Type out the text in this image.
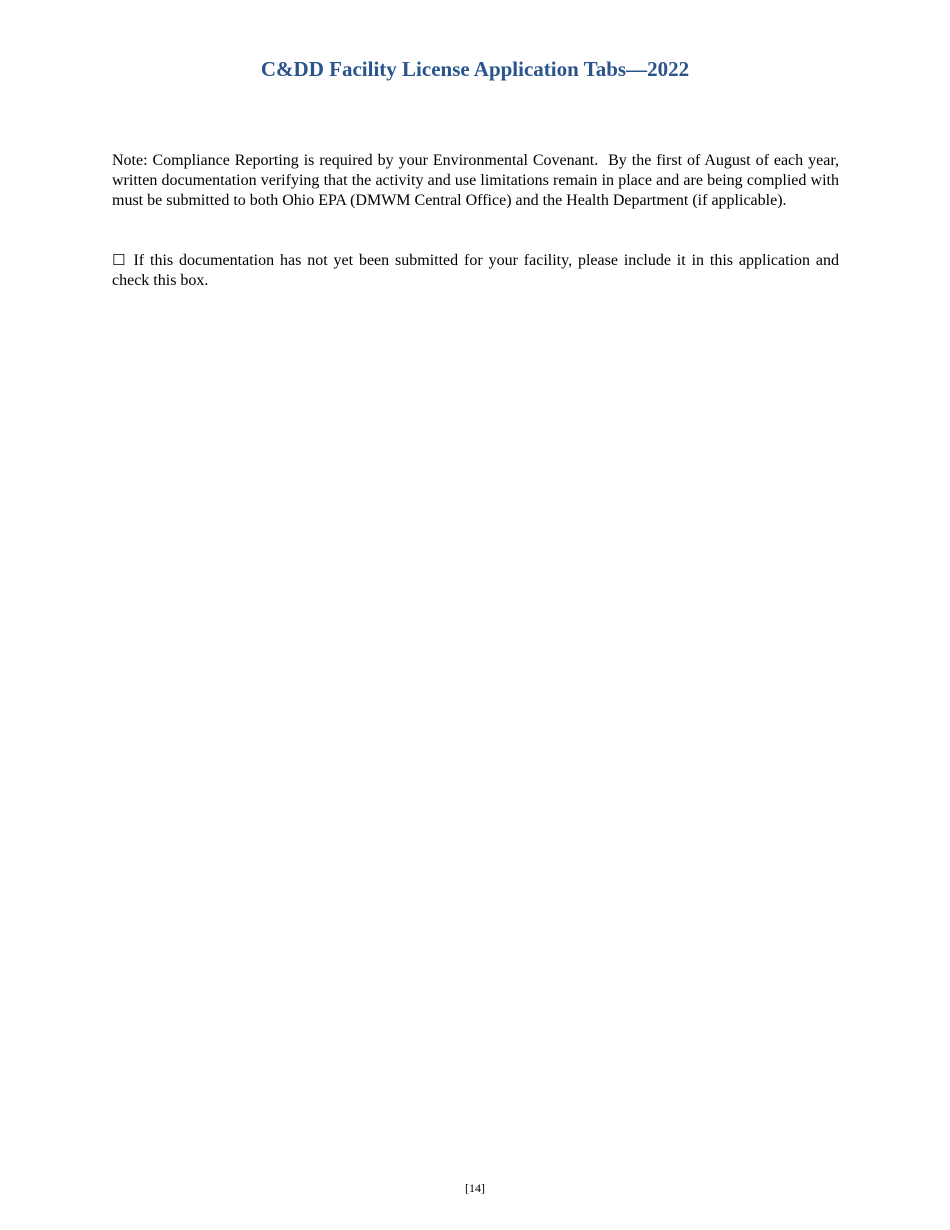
C&DD Facility License Application Tabs—2022

Note: Compliance Reporting is required by your Environmental Covenant.  By the first of August of each year, written documentation verifying that the activity and use limitations remain in place and are being complied with must be submitted to both Ohio EPA (DMWM Central Office) and the Health Department (if applicable).

☐ If this documentation has not yet been submitted for your facility, please include it in this application and check this box.

[14]
